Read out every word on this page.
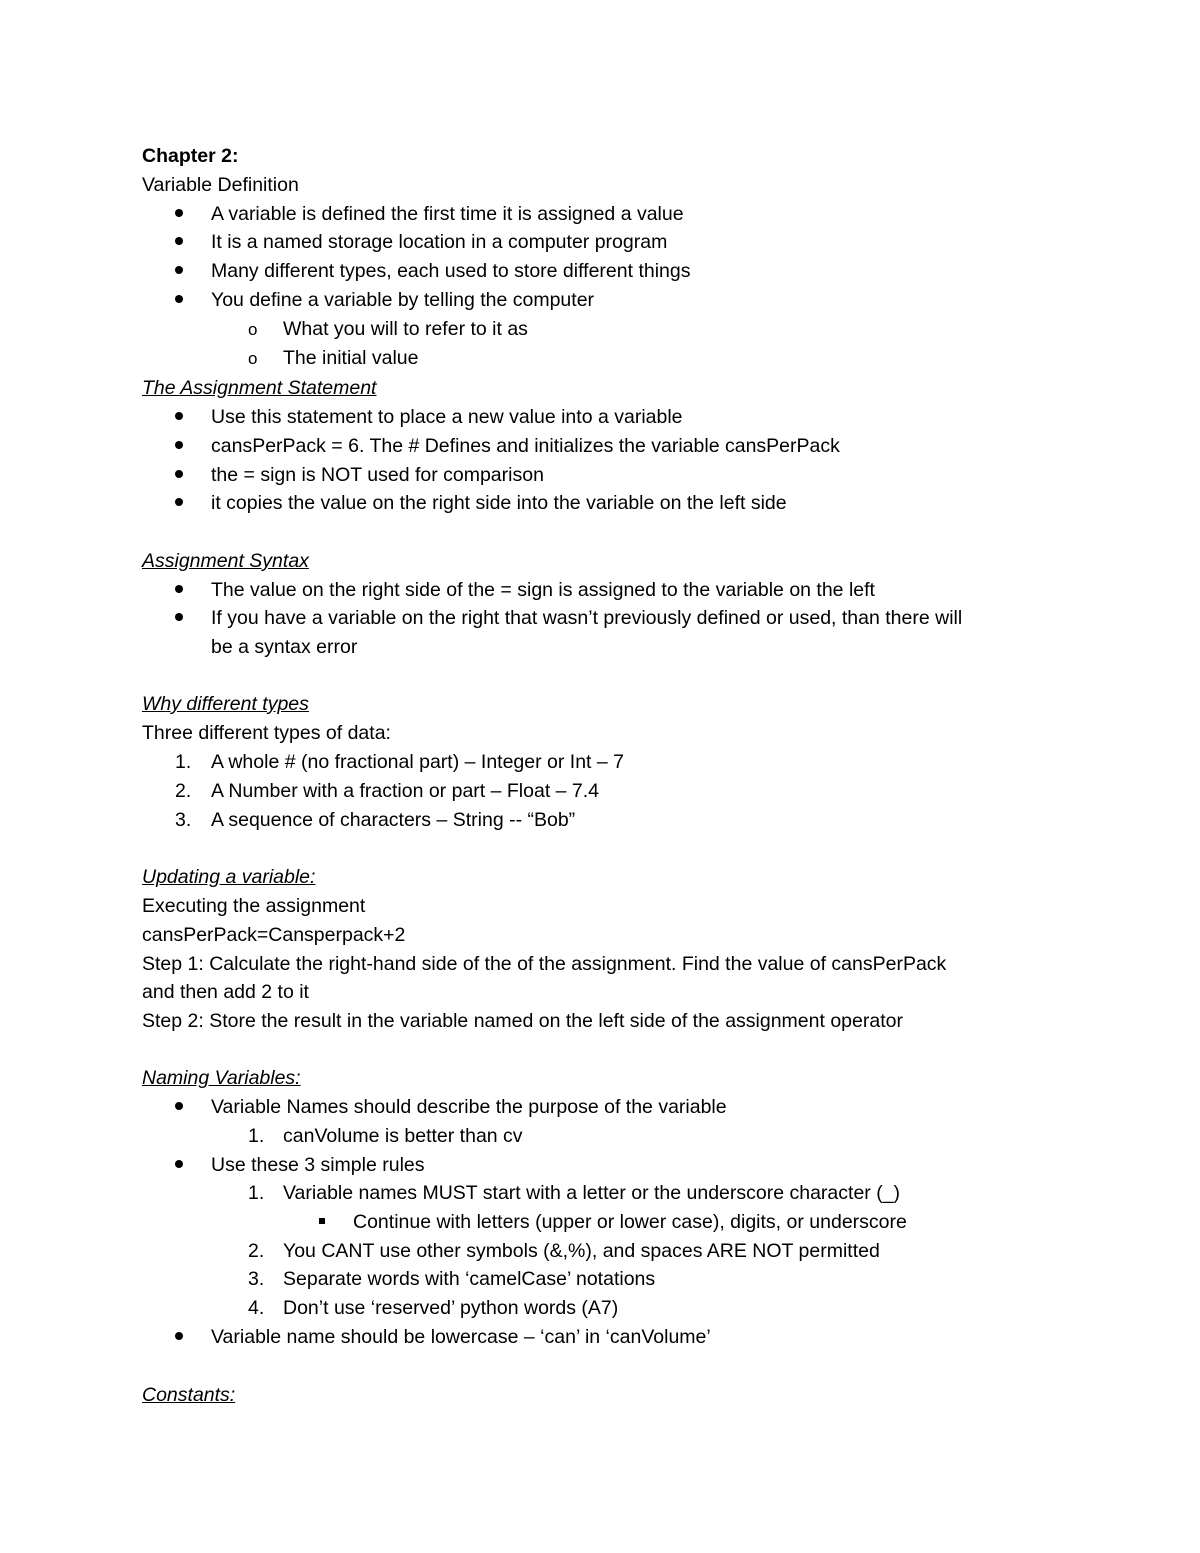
Chapter 2:
Variable Definition
A variable is defined the first time it is assigned a value
It is a named storage location in a computer program
Many different types, each used to store different things
You define a variable by telling the computer
o What you will to refer to it as
o The initial value
The Assignment Statement
Use this statement to place a new value into a variable
cansPerPack = 6. The # Defines and initializes the variable cansPerPack
the = sign is NOT used for comparison
it copies the value on the right side into the variable on the left side
Assignment Syntax
The value on the right side of the = sign is assigned to the variable on the left
If you have a variable on the right that wasn’t previously defined or used, than there will
be a syntax error
Why different types
Three different types of data:
1. A whole # (no fractional part) – Integer or Int – 7
2. A Number with a fraction or part – Float – 7.4
3. A sequence of characters – String -- “Bob”
Updating a variable:
Executing the assignment
cansPerPack=Cansperpack+2
Step 1: Calculate the right-hand side of the of the assignment. Find the value of cansPerPack
and then add 2 to it
Step 2: Store the result in the variable named on the left side of the assignment operator
Naming Variables:
Variable Names should describe the purpose of the variable
1. canVolume is better than cv
Use these 3 simple rules
1. Variable names MUST start with a letter or the underscore character (_)
Continue with letters (upper or lower case), digits, or underscore
2. You CANT use other symbols (&,%), and spaces ARE NOT permitted
3. Separate words with ‘camelCase’ notations
4. Don’t use ‘reserved’ python words (A7)
Variable name should be lowercase – ‘can’ in ‘canVolume’
Constants:
